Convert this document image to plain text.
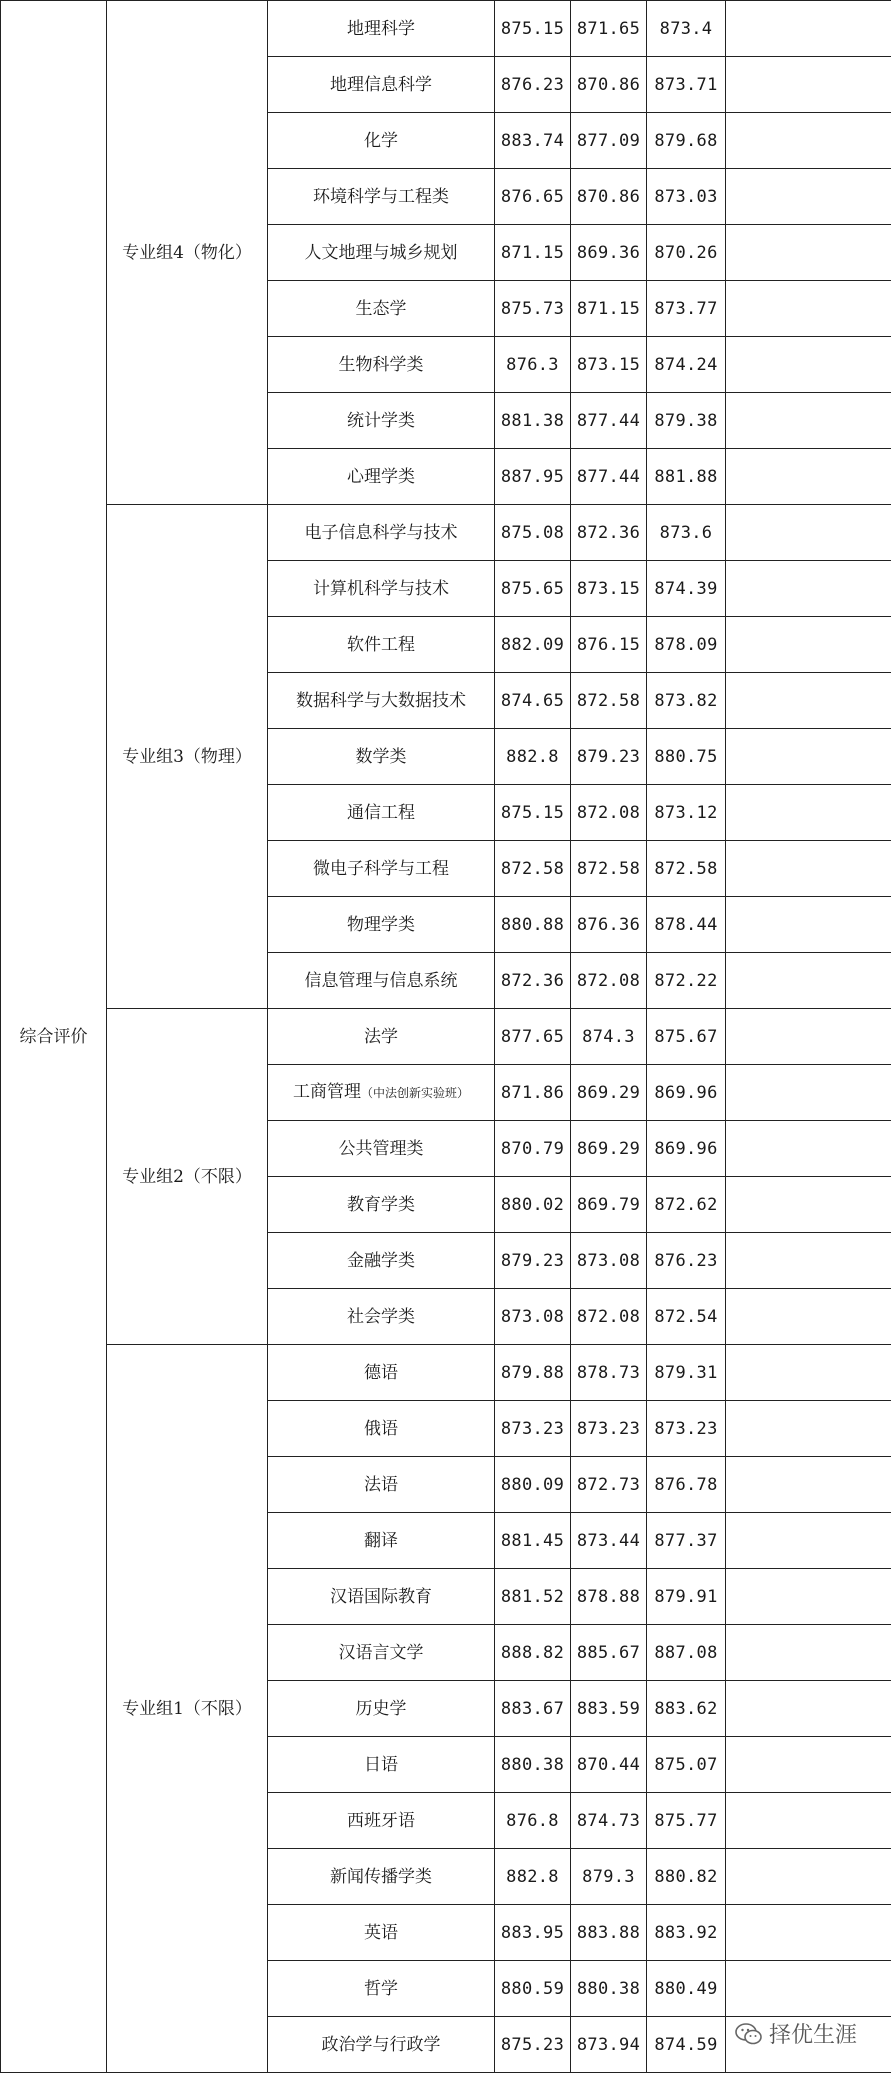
综合评价	专业组4（物化）	地理科学	875.15	871.65	873.4	
		地理信息科学	876.23	870.86	873.71	
		化学	883.74	877.09	879.68	
		环境科学与工程类	876.65	870.86	873.03	
		人文地理与城乡规划	871.15	869.36	870.26	
		生态学	875.73	871.15	873.77	
		生物科学类	876.3	873.15	874.24	
		统计学类	881.38	877.44	879.38	
		心理学类	887.95	877.44	881.88	
	专业组3（物理）	电子信息科学与技术	875.08	872.36	873.6	
		计算机科学与技术	875.65	873.15	874.39	
		软件工程	882.09	876.15	878.09	
		数据科学与大数据技术	874.65	872.58	873.82	
		数学类	882.8	879.23	880.75	
		通信工程	875.15	872.08	873.12	
		微电子科学与工程	872.58	872.58	872.58	
		物理学类	880.88	876.36	878.44	
		信息管理与信息系统	872.36	872.08	872.22	
	专业组2（不限）	法学	877.65	874.3	875.67	
		工商管理（中法创新实验班）	871.86	869.29	869.96	
		公共管理类	870.79	869.29	869.96	
		教育学类	880.02	869.79	872.62	
		金融学类	879.23	873.08	876.23	
		社会学类	873.08	872.08	872.54	
	专业组1（不限）	德语	879.88	878.73	879.31	
		俄语	873.23	873.23	873.23	
		法语	880.09	872.73	876.78	
		翻译	881.45	873.44	877.37	
		汉语国际教育	881.52	878.88	879.91	
		汉语言文学	888.82	885.67	887.08	
		历史学	883.67	883.59	883.62	
		日语	880.38	870.44	875.07	
		西班牙语	876.8	874.73	875.77	
		新闻传播学类	882.8	879.3	880.82	
		英语	883.95	883.88	883.92	
		哲学	880.59	880.38	880.49	
		政治学与行政学	875.23	873.94	874.59	择优生涯
